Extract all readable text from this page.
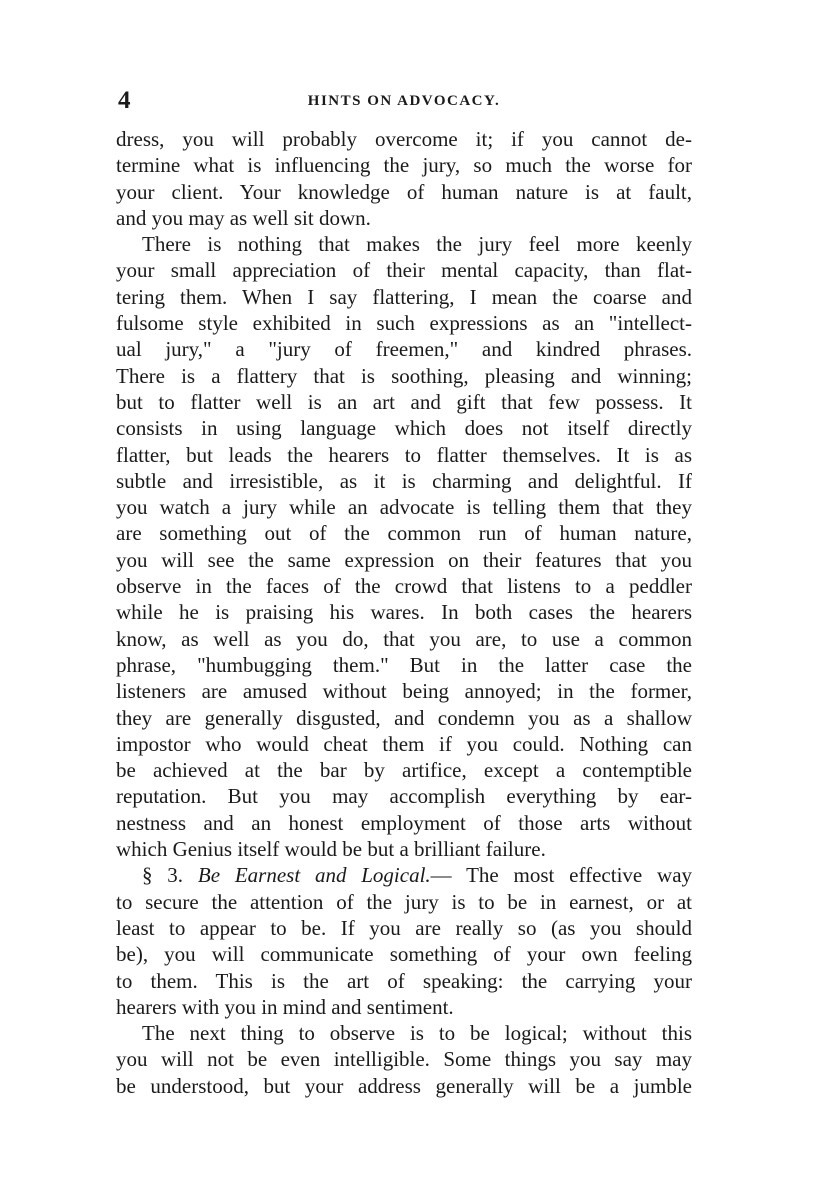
4	HINTS ON ADVOCACY.
dress, you will probably overcome it; if you cannot de-
termine what is influencing the jury, so much the worse for
your client. Your knowledge of human nature is at fault,
and you may as well sit down.
There is nothing that makes the jury feel more keenly
your small appreciation of their mental capacity, than flat-
tering them. When I say flattering, I mean the coarse and
fulsome style exhibited in such expressions as an "intellect-
ual jury," a "jury of freemen," and kindred phrases.
There is a flattery that is soothing, pleasing and winning;
but to flatter well is an art and gift that few possess. It
consists in using language which does not itself directly
flatter, but leads the hearers to flatter themselves. It is as
subtle and irresistible, as it is charming and delightful. If
you watch a jury while an advocate is telling them that they
are something out of the common run of human nature,
you will see the same expression on their features that you
observe in the faces of the crowd that listens to a peddler
while he is praising his wares. In both cases the hearers
know, as well as you do, that you are, to use a common
phrase, "humbugging them." But in the latter case the
listeners are amused without being annoyed; in the former,
they are generally disgusted, and condemn you as a shallow
impostor who would cheat them if you could. Nothing can
be achieved at the bar by artifice, except a contemptible
reputation. But you may accomplish everything by ear-
nestness and an honest employment of those arts without
which Genius itself would be but a brilliant failure.
§ 3. Be Earnest and Logical.— The most effective way
to secure the attention of the jury is to be in earnest, or at
least to appear to be. If you are really so (as you should
be), you will communicate something of your own feeling
to them. This is the art of speaking: the carrying your
hearers with you in mind and sentiment.
The next thing to observe is to be logical; without this
you will not be even intelligible. Some things you say may
be understood, but your address generally will be a jumble
